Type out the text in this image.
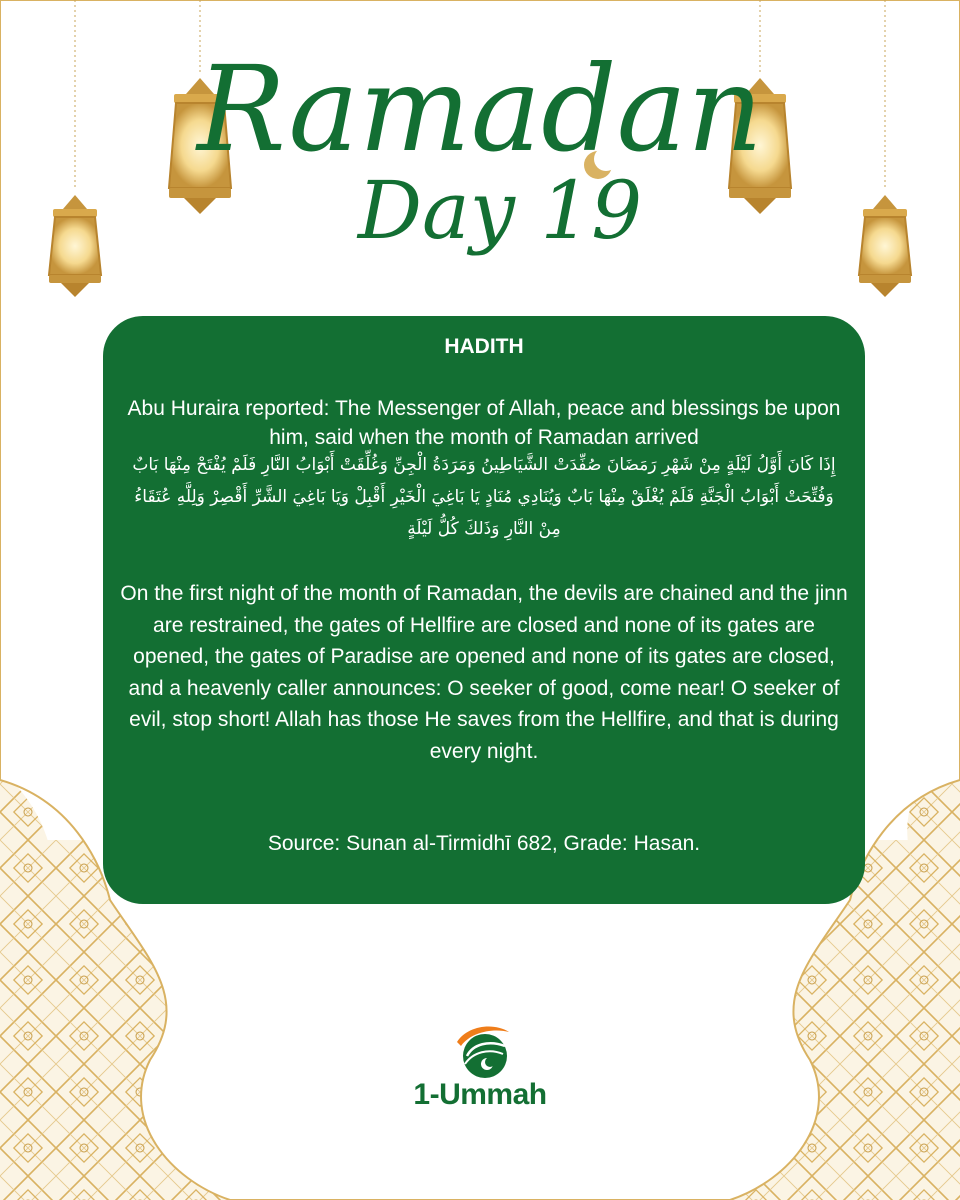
Ramadan
Day 19
HADITH
Abu Huraira reported: The Messenger of Allah, peace and blessings be upon him, said when the month of Ramadan arrived
إِذَا كَانَ أَوَّلُ لَيْلَةٍ مِنْ شَهْرِ رَمَضَانَ صُفِّدَتْ الشَّيَاطِينُ وَمَرَدَةُ الْجِنِّ وَغُلِّقَتْ أَبْوَابُ النَّارِ فَلَمْ يُفْتَحْ مِنْهَا بَابٌ وَفُتِّحَتْ أَبْوَابُ الْجَنَّةِ فَلَمْ يُغْلَقْ مِنْهَا بَابٌ وَيُنَادِي مُنَادٍ يَا بَاغِيَ الْخَيْرِ أَقْبِلْ وَيَا بَاغِيَ الشَّرِّ أَقْصِرْ وَلِلَّهِ عُتَقَاءُ مِنْ النَّارِ وَذَلكَ كُلُّ لَيْلَةٍ
On the first night of the month of Ramadan, the devils are chained and the jinn are restrained, the gates of Hellfire are closed and none of its gates are opened, the gates of Paradise are opened and none of its gates are closed, and a heavenly caller announces: O seeker of good, come near! O seeker of evil, stop short! Allah has those He saves from the Hellfire, and that is during every night.
Source: Sunan al-Tirmidhī 682, Grade: Hasan.
1-Ummah
